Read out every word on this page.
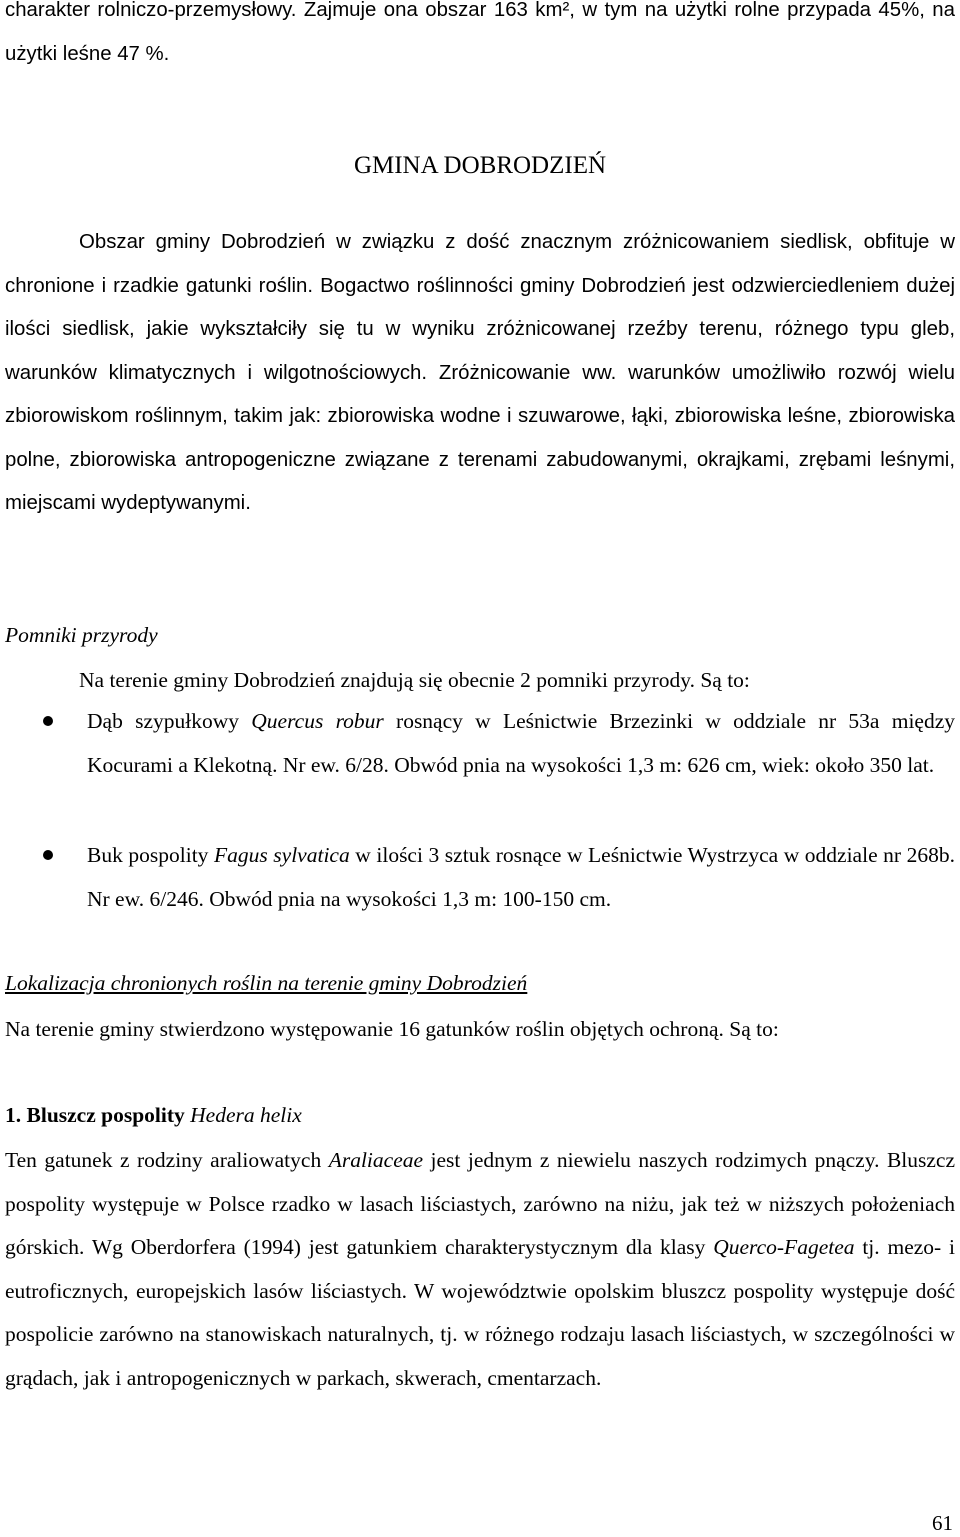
charakter rolniczo-przemysłowy. Zajmuje ona obszar 163 km², w tym na użytki rolne przypada 45%, na użytki leśne 47 %.

GMINA DOBRODZIEŃ

Obszar gminy Dobrodzień w związku z dość znacznym zróżnicowaniem siedlisk, obfituje w chronione i rzadkie gatunki roślin. Bogactwo roślinności gminy Dobrodzień jest odzwierciedleniem dużej ilości siedlisk, jakie wykształciły się tu w wyniku zróżnicowanej rzeźby terenu, różnego typu gleb, warunków klimatycznych i wilgotnościowych. Zróżnicowanie ww. warunków umożliwiło rozwój wielu zbiorowiskom roślinnym, takim jak: zbiorowiska wodne i szuwarowe, łąki, zbiorowiska leśne, zbiorowiska polne, zbiorowiska antropogeniczne związane z terenami zabudowanymi, okrajkami, zrębami leśnymi, miejscami wydeptywanymi.

Pomniki przyrody

Na terenie gminy Dobrodzień znajdują się obecnie 2 pomniki przyrody. Są to:

Dąb szypułkowy Quercus robur rosnący w Leśnictwie Brzezinki w oddziale nr 53a między Kocurami a Klekotną. Nr ew. 6/28. Obwód pnia na wysokości 1,3 m: 626 cm, wiek: około 350 lat.

Buk pospolity Fagus sylvatica w ilości 3 sztuk rosnące w Leśnictwie Wystrzyca w oddziale nr 268b. Nr ew. 6/246. Obwód pnia na wysokości 1,3 m: 100-150 cm.

Lokalizacja chronionych roślin na terenie gminy Dobrodzień

Na terenie gminy stwierdzono występowanie 16 gatunków roślin objętych ochroną. Są to:

1. Bluszcz pospolity Hedera helix

Ten gatunek z rodziny araliowatych Araliaceae jest jednym z niewielu naszych rodzimych pnączy. Bluszcz pospolity występuje w Polsce rzadko w lasach liściastych, zarówno na niżu, jak też w niższych położeniach górskich. Wg Oberdorfera (1994) jest gatunkiem charakterystycznym dla klasy Querco-Fagetea tj. mezo- i eutroficznych, europejskich lasów liściastych. W województwie opolskim bluszcz pospolity występuje dość pospolicie zarówno na stanowiskach naturalnych, tj. w różnego rodzaju lasach liściastych, w szczególności w grądach, jak i antropogenicznych w parkach, skwerach, cmentarzach.

61
